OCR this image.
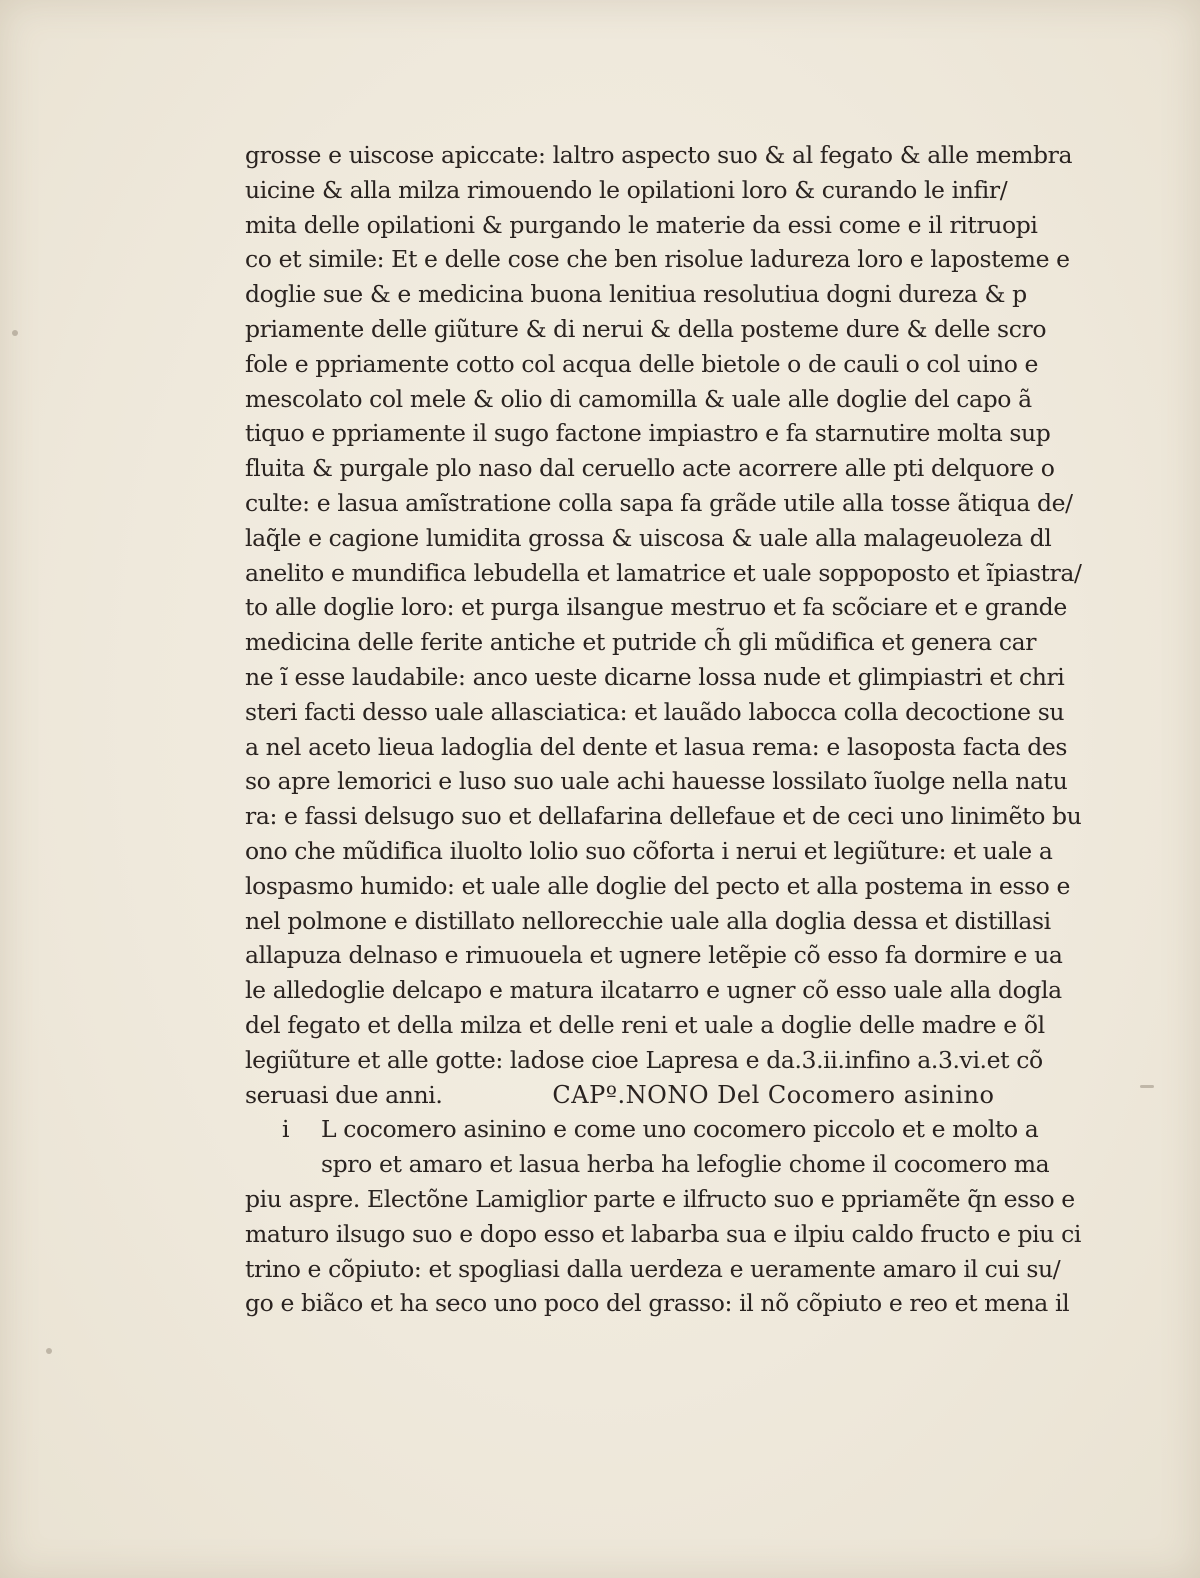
grosse e uiscose apiccate: laltro aspecto suo & al fegato & alle membra
uicine & alla milza rimouendo le opilationi loro & curando le infir/
mita delle opilationi & purgando le materie da essi come e il ritruopi
co et simile: Et e delle cose che ben risolue ladureza loro e laposteme e
doglie sue & e medicina buona lenitiua resolutiua dogni dureza & p
priamente delle giũture & di nerui & della posteme dure & delle scro
fole e ppriamente cotto col acqua delle bietole o de cauli o col uino e
mescolato col mele & olio di camomilla & uale alle doglie del capo ã
tiquo e ppriamente il sugo factone impiastro e fa starnutire molta sup
fluita & purgale plo naso dal ceruello acte acorrere alle pti delquore o
culte: e lasua amĩstratione colla sapa fa grãde utile alla tosse ãtiqua de/
laq̃le e cagione lumidita grossa & uiscosa & uale alla malageuoleza dl
anelito e mundifica lebudella et lamatrice et uale soppoposto et ĩpiastra/
to alle doglie loro: et purga ilsangue mestruo et fa scõciare et e grande
medicina delle ferite antiche et putride ch̃ gli mũdifica et genera car
ne ĩ esse laudabile: anco ueste dicarne lossa nude et glimpiastri et chri
steri facti desso uale allasciatica: et lauãdo labocca colla decoctione su
a nel aceto lieua ladoglia del dente et lasua rema: e lasoposta facta des
so apre lemorici e luso suo uale achi hauesse lossilato ĩuolge nella natu
ra: e fassi delsugo suo et dellafarina dellefaue et de ceci uno linimẽto bu
ono che mũdifica iluolto lolio suo cõforta i nerui et legiũture: et uale a
lospasmo humido: et uale alle doglie del pecto et alla postema in esso e
nel polmone e distillato nellorecchie uale alla doglia dessa et distillasi
allapuza delnaso e rimuouela et ugnere letẽpie cõ esso fa dormire e ua
le alledoglie delcapo e matura ilcatarro e ugner cõ esso uale alla dogla
del fegato et della milza et delle reni et uale a doglie delle madre e õl
legiũture et alle gotte: ladose cioe Lapresa e da.3.ii.infino a.3.vi.et cõ
seruasi due anni.	CAPº.NONO Del Cocomero asinino
i L cocomero asinino e come uno cocomero piccolo et e molto a
spro et amaro et lasua herba ha lefoglie chome il cocomero ma
piu aspre. Electõne Lamiglior parte e ilfructo suo e ppriamẽte q̃n esso e
maturo ilsugo suo e dopo esso et labarba sua e ilpiu caldo fructo e piu ci
trino e cõpiuto: et spogliasi dalla uerdeza e ueramente amaro il cui su/
go e biãco et ha seco uno poco del grasso: il nõ cõpiuto e reo et mena il
